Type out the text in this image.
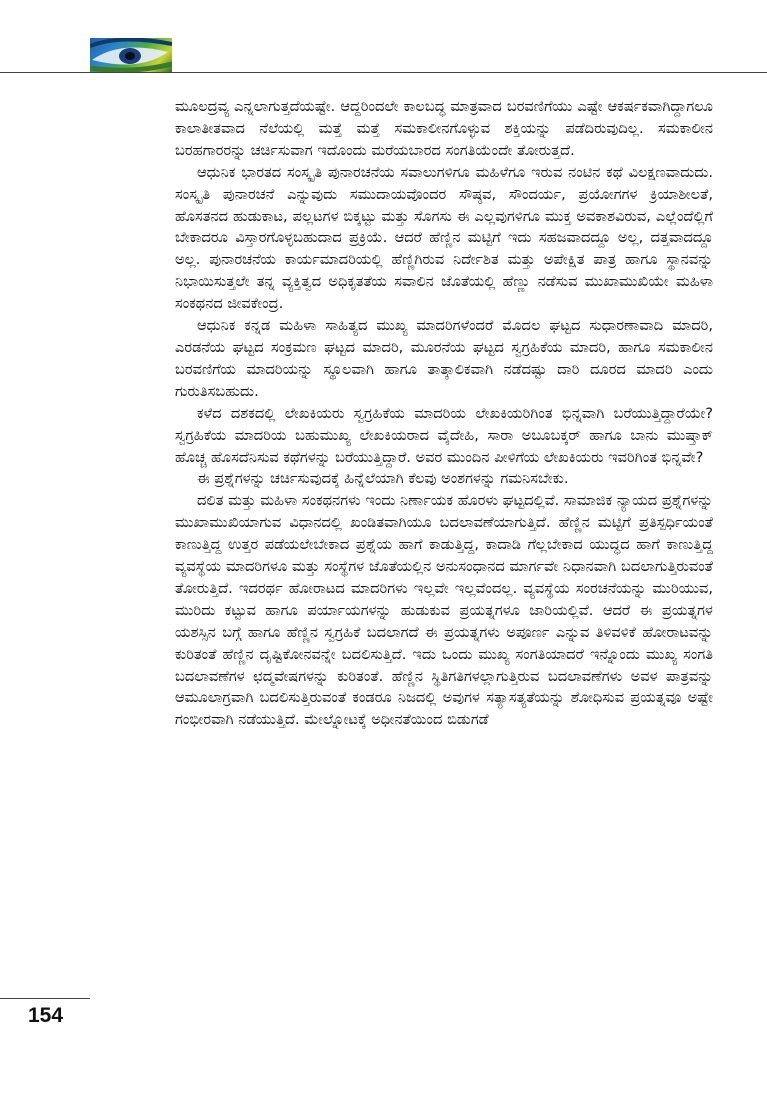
ಮೂಲದ್ರವ್ಯ ಎನ್ನಲಾಗುತ್ತದೆಯಷ್ಟೇ. ಆದ್ದರಿಂದಲೇ ಕಾಲಬದ್ಧ ಮಾತ್ರವಾದ ಬರವಣಿಗೆಯು ಎಷ್ಟೇ ಆಕರ್ಷಕವಾಗಿದ್ದಾಗಲೂ ಕಾಲಾತೀತವಾದ ನೆಲೆಯಲ್ಲಿ ಮತ್ತೆ ಮತ್ತೆ ಸಮಕಾಲೀನಗೊಳ್ಳುವ ಶಕ್ತಿಯನ್ನು ಪಡೆದಿರುವುದಿಲ್ಲ. ಸಮಕಾಲೀನ ಬರಹಗಾರರನ್ನು ಚರ್ಚಿಸುವಾಗ ಇದೊಂದು ಮರೆಯಬಾರದ ಸಂಗತಿಯೆಂದೇ ತೋರುತ್ತದೆ.

ಆಧುನಿಕ ಭಾರತದ ಸಂಸ್ಕೃತಿ ಪುನಾರಚನೆಯ ಸವಾಲುಗಳಿಗೂ ಮಹಿಳೆಗೂ ಇರುವ ನಂಟಿನ ಕಥೆ ವಿಲಕ್ಷಣವಾದುದು. ಸಂಸ್ಕೃತಿ ಪುನಾರಚನೆ ಎನ್ನುವುದು ಸಮುದಾಯವೊಂದರ ಸೌಷ್ಠವ, ಸೌಂದರ್ಯ, ಪ್ರಯೋಗಗಳ ಕ್ರಿಯಾಶೀಲತೆ, ಹೊಸತನದ ಹುಡುಕಾಟ, ಪಲ್ಲಟಗಳ ಬಿಕ್ಕಟ್ಟು ಮತ್ತು ಸೊಗಸು ಈ ಎಲ್ಲವುಗಳಿಗೂ ಮುಕ್ತ ಅವಕಾಶವಿರುವ, ಎಲ್ಲೆಂದೆಲ್ಲಿಗೆ ಬೇಕಾದರೂ ವಿಸ್ತಾರಗೊಳ್ಳಬಹುದಾದ ಪ್ರಕ್ರಿಯೆ. ಆದರೆ ಹೆಣ್ಣಿನ ಮಟ್ಟಿಗೆ ಇದು ಸಹಜವಾದದ್ದೂ ಅಲ್ಲ, ದತ್ತವಾದದ್ದೂ ಅಲ್ಲ. ಪುನಾರಚನೆಯ ಕಾರ್ಯಮಾದರಿಯಲ್ಲಿ ಹೆಣ್ಣಿಗಿರುವ ನಿರ್ದೇಶಿತ ಮತ್ತು ಅಪೇಕ್ಷಿತ ಪಾತ್ರ ಹಾಗೂ ಸ್ಥಾನವನ್ನು ನಿಭಾಯಿಸುತ್ತಲೇ ತನ್ನ ವ್ಯಕ್ತಿತ್ವದ ಅಧಿಕೃತತೆಯ ಸವಾಲಿನ ಜೊತೆಯಲ್ಲಿ ಹೆಣ್ಣು ನಡೆಸುವ ಮುಖಾಮುಖಿಯೇ ಮಹಿಳಾ ಸಂಕಥನದ ಜೀವಕೇಂದ್ರ.

ಆಧುನಿಕ ಕನ್ನಡ ಮಹಿಳಾ ಸಾಹಿತ್ಯದ ಮುಖ್ಯ ಮಾದರಿಗಳೆಂದರೆ ಮೊದಲ ಘಟ್ಟದ ಸುಧಾರಣಾವಾದಿ ಮಾದರಿ, ಎರಡನೆಯ ಘಟ್ಟದ ಸಂಕ್ರಮಣ ಘಟ್ಟದ ಮಾದರಿ, ಮೂರನೆಯ ಘಟ್ಟದ ಸ್ವಗ್ರಹಿಕೆಯ ಮಾದರಿ, ಹಾಗೂ ಸಮಕಾಲೀನ ಬರವಣಿಗೆಯ ಮಾದರಿಯನ್ನು ಸ್ಥೂಲವಾಗಿ ಹಾಗೂ ತಾತ್ಕಾಲಿಕವಾಗಿ ನಡೆದಷ್ಟು ದಾರಿ ದೂರದ ಮಾದರಿ ಎಂದು ಗುರುತಿಸಬಹುದು.

ಕಳೆದ ದಶಕದಲ್ಲಿ ಲೇಖಕಿಯರು ಸ್ವಗ್ರಹಿಕೆಯ ಮಾದರಿಯ ಲೇಖಕಿಯರಿಗಿಂತ ಭಿನ್ನವಾಗಿ ಬರೆಯುತ್ತಿದ್ದಾರೆಯೇ? ಸ್ವಗ್ರಹಿಕೆಯ ಮಾದರಿಯ ಬಹುಮುಖ್ಯ ಲೇಖಕಿಯರಾದ ವೈದೇಹಿ, ಸಾರಾ ಅಬೂಬಕ್ಕರ್ ಹಾಗೂ ಬಾನು ಮುಷ್ತಾಕ್ ಹೊಚ್ಚ ಹೊಸದೆನಿಸುವ ಕಥೆಗಳನ್ನು ಬರೆಯುತ್ತಿದ್ದಾರೆ. ಅವರ ಮುಂದಿನ ಪೀಳಿಗೆಯ ಲೇಖಕಿಯರು ಇವರಿಗಿಂತ ಭಿನ್ನವೇ?

ಈ ಪ್ರಶ್ನೆಗಳನ್ನು ಚರ್ಚಿಸುವುದಕ್ಕೆ ಹಿನ್ನೆಲೆಯಾಗಿ ಕೆಲವು ಅಂಶಗಳನ್ನು ಗಮನಿಸಬೇಕು.

ದಲಿತ ಮತ್ತು ಮಹಿಳಾ ಸಂಕಥನಗಳು ಇಂದು ನಿರ್ಣಾಯಕ ಹೊರಳು ಘಟ್ಟದಲ್ಲಿವೆ. ಸಾಮಾಜಿಕ ನ್ಯಾಯದ ಪ್ರಶ್ನೆಗಳನ್ನು ಮುಖಾಮುಖಿಯಾಗುವ ವಿಧಾನದಲ್ಲಿ ಖಂಡಿತವಾಗಿಯೂ ಬದಲಾವಣೆಯಾಗುತ್ತಿದೆ. ಹೆಣ್ಣಿನ ಮಟ್ಟಿಗೆ ಪ್ರತಿಸ್ಪರ್ಧಿಯಂತೆ ಕಾಣುತ್ತಿದ್ದ ಉತ್ತರ ಪಡೆಯಲೇಬೇಕಾದ ಪ್ರಶ್ನೆಯ ಹಾಗೆ ಕಾಡುತ್ತಿದ್ದ, ಕಾದಾಡಿ ಗೆಲ್ಲಬೇಕಾದ ಯುದ್ಧದ ಹಾಗೆ ಕಾಣುತ್ತಿದ್ದ ವ್ಯವಸ್ಥೆಯ ಮಾದರಿಗಳೂ ಮತ್ತು ಸಂಸ್ಥೆಗಳ ಜೊತೆಯಲ್ಲಿನ ಅನುಸಂಧಾನದ ಮಾರ್ಗವೇ ನಿಧಾನವಾಗಿ ಬದಲಾಗುತ್ತಿರುವಂತೆ ತೋರುತ್ತಿದೆ. ಇದರರ್ಥ ಹೋರಾಟದ ಮಾದರಿಗಳು ಇಲ್ಲವೇ ಇಲ್ಲವೆಂದಲ್ಲ. ವ್ಯವಸ್ಥೆಯ ಸಂರಚನೆಯನ್ನು ಮುರಿಯುವ, ಮುರಿದು ಕಟ್ಟುವ ಹಾಗೂ ಪರ್ಯಾಯಗಳನ್ನು ಹುಡುಕುವ ಪ್ರಯತ್ನಗಳೂ ಜಾರಿಯಲ್ಲಿವೆ. ಆದರೆ ಈ ಪ್ರಯತ್ನಗಳ ಯಶಸ್ಸಿನ ಬಗ್ಗೆ ಹಾಗೂ ಹೆಣ್ಣಿನ ಸ್ವಗ್ರಹಿಕೆ ಬದಲಾಗದೆ ಈ ಪ್ರಯತ್ನಗಳು ಅಪೂರ್ಣ ಎನ್ನುವ ತಿಳಿವಳಿಕೆ ಹೋರಾಟವನ್ನು ಕುರಿತಂತೆ ಹೆಣ್ಣಿನ ದೃಷ್ಟಿಕೋನವನ್ನೇ ಬದಲಿಸುತ್ತಿದೆ. ಇದು ಒಂದು ಮುಖ್ಯ ಸಂಗತಿಯಾದರೆ ಇನ್ನೊಂದು ಮುಖ್ಯ ಸಂಗತಿ ಬದಲಾವಣೆಗಳ ಛದ್ಮವೇಷಗಳನ್ನು ಕುರಿತಂತೆ. ಹೆಣ್ಣಿನ ಸ್ಥಿತಿಗತಿಗಳಲ್ಲಾಗುತ್ತಿರುವ ಬದಲಾವಣೆಗಳು ಅವಳ ಪಾತ್ರವನ್ನು ಆಮೂಲಾಗ್ರವಾಗಿ ಬದಲಿಸುತ್ತಿರುವಂತೆ ಕಂಡರೂ ನಿಜದಲ್ಲಿ ಅವುಗಳ ಸತ್ಯಾಸತ್ಯತೆಯನ್ನು ಶೋಧಿಸುವ ಪ್ರಯತ್ನವೂ ಅಷ್ಟೇ ಗಂಭೀರವಾಗಿ ನಡೆಯುತ್ತಿದೆ. ಮೇಲ್ನೋಟಕ್ಕೆ ಅಧೀನತೆಯಿಂದ ಬಿಡುಗಡೆ

154
